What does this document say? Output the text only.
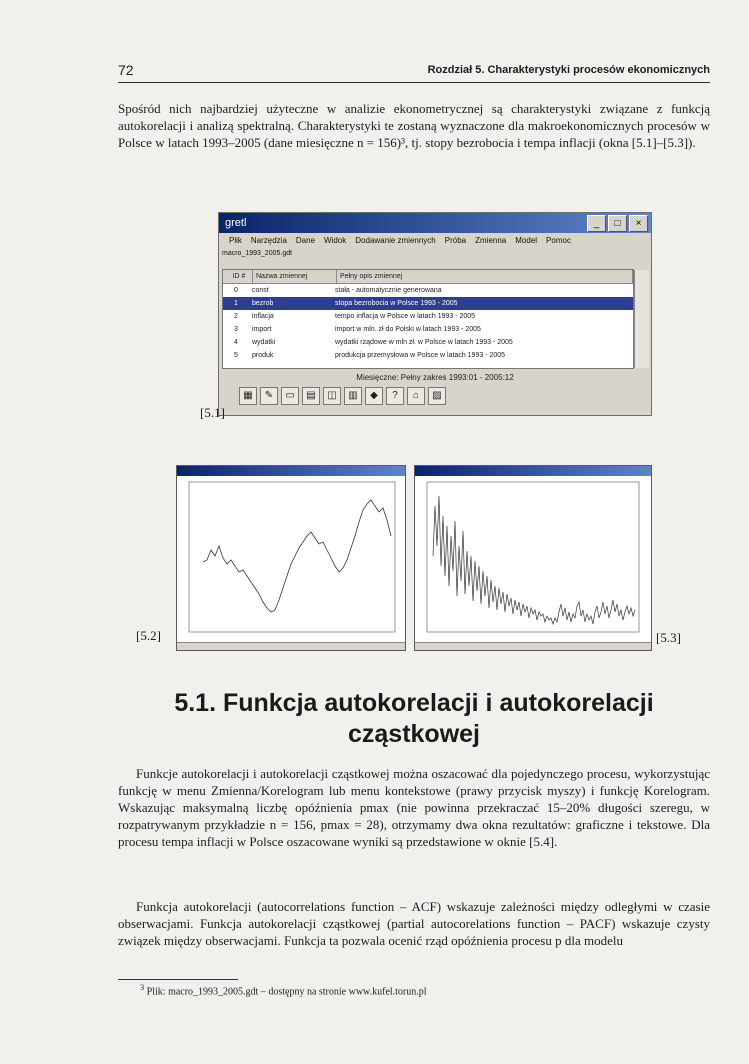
72	Rozdział 5. Charakterystyki procesów ekonomicznych

Spośród nich najbardziej użyteczne w analizie ekonometrycznej są charakterystyki związane z funkcją autokorelacji i analizą spektralną. Charakterystyki te zostaną wyznaczone dla makroekonomicznych procesów w Polsce w latach 1993–2005 (dane miesięczne n = 156)³, tj. stopy bezrobocia i tempa inflacji (okna [5.1]–[5.3]).

gretl	_	□	×
Plik Narzędzia Dane Widok Dodawanie zmiennych Próba Zmienna Model Pomoc
macro_1993_2005.gdt
ID #	Nazwa zmiennej	Pełny opis zmiennej
0	const	stała - automatycznie generowana
1	bezrob	stopa bezrobocia w Polsce 1993 - 2005
2	inflacja	tempo inflacja w Polsce w latach 1993 - 2005
3	import	import w mln. zł do Polski w latach 1993 - 2005
4	wydatki	wydatki rządowe w mln zł. w Polsce w latach 1993 - 2005
5	produk	produkcja przemysłowa w Polsce w latach 1993 - 2005
Miesięczne: Pełny zakres 1993:01 - 2005:12
▦	✎	▭	▤	◫	▥	◆	?	⌂	▨
[5.1]
[5.2]	[5.3]
5.1. Funkcja autokorelacji i autokorelacji cząstkowej

Funkcje autokorelacji i autokorelacji cząstkowej można oszacować dla pojedynczego procesu, wykorzystując funkcję w menu Zmienna/Korelogram lub menu kontekstowe (prawy przycisk myszy) i funkcję Korelogram. Wskazując maksymalną liczbę opóźnienia pmax (nie powinna przekraczać 15–20% długości szeregu, w rozpatrywanym przykładzie n = 156, pmax = 28), otrzymamy dwa okna rezultatów: graficzne i tekstowe. Dla procesu tempa inflacji w Polsce oszacowane wyniki są przedstawione w oknie [5.4].

Funkcja autokorelacji (autocorrelations function – ACF) wskazuje zależności między odległymi w czasie obserwacjami. Funkcja autokorelacji cząstkowej (partial autocorelations function – PACF) wskazuje czysty związek między obserwacjami. Funkcja ta pozwala ocenić rząd opóźnienia procesu p dla modelu

$^3$ Plik: macro_1993_2005.gdt – dostępny na stronie www.kufel.torun.pl
